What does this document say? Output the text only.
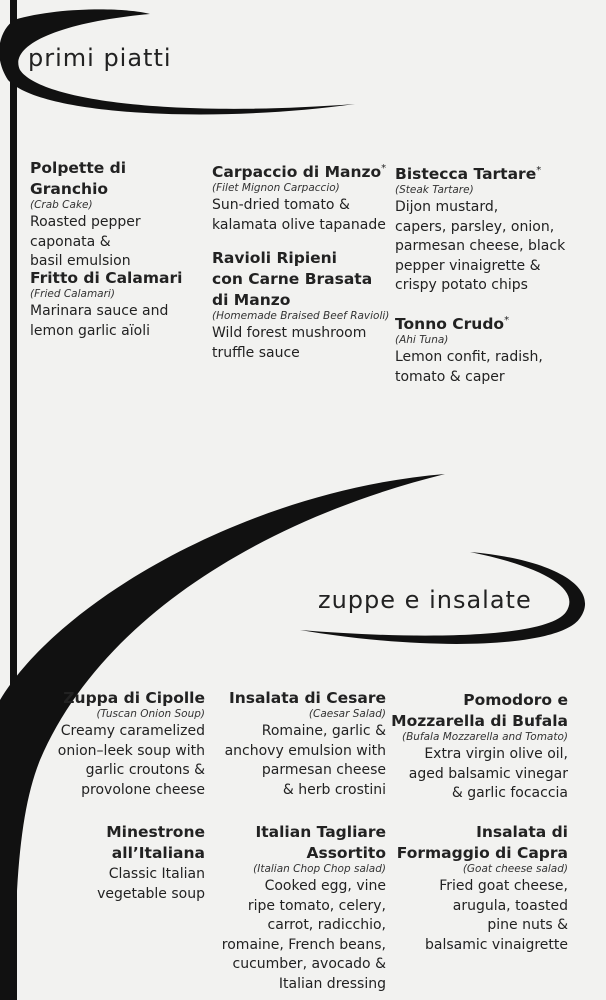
primi piatti
zuppe e insalate
Polpette di Granchio
(Crab Cake)
Roasted pepper
caponata &
basil emulsion
Fritto di Calamari
(Fried Calamari)
Marinara sauce and
lemon garlic aïoli
Carpaccio di Manzo*
(Filet Mignon Carpaccio)
Sun-dried tomato &
kalamata olive tapanade
Ravioli Ripieni
con Carne Brasata
di Manzo
(Homemade Braised Beef Ravioli)
Wild forest mushroom
truffle sauce
Bistecca Tartare*
(Steak Tartare)
Dijon mustard,
capers, parsley, onion,
parmesan cheese, black
pepper vinaigrette &
crispy potato chips
Tonno Crudo*
(Ahi Tuna)
Lemon confit, radish,
tomato & caper
Zuppa di Cipolle
(Tuscan Onion Soup)
Creamy caramelized
onion–leek soup with
garlic croutons &
provolone cheese
Minestrone
all’Italiana
Classic Italian
vegetable soup
Insalata di Cesare
(Caesar Salad)
Romaine, garlic &
anchovy emulsion with
parmesan cheese
& herb crostini
Italian Tagliare
Assortito
(Italian Chop Chop salad)
Cooked egg, vine
ripe tomato, celery,
carrot, radicchio,
romaine, French beans,
cucumber, avocado &
Italian dressing
Pomodoro e
Mozzarella di Bufala
(Bufala Mozzarella and Tomato)
Extra virgin olive oil,
aged balsamic vinegar
& garlic focaccia
Insalata di
Formaggio di Capra
(Goat cheese salad)
Fried goat cheese,
arugula, toasted
pine nuts &
balsamic vinaigrette
